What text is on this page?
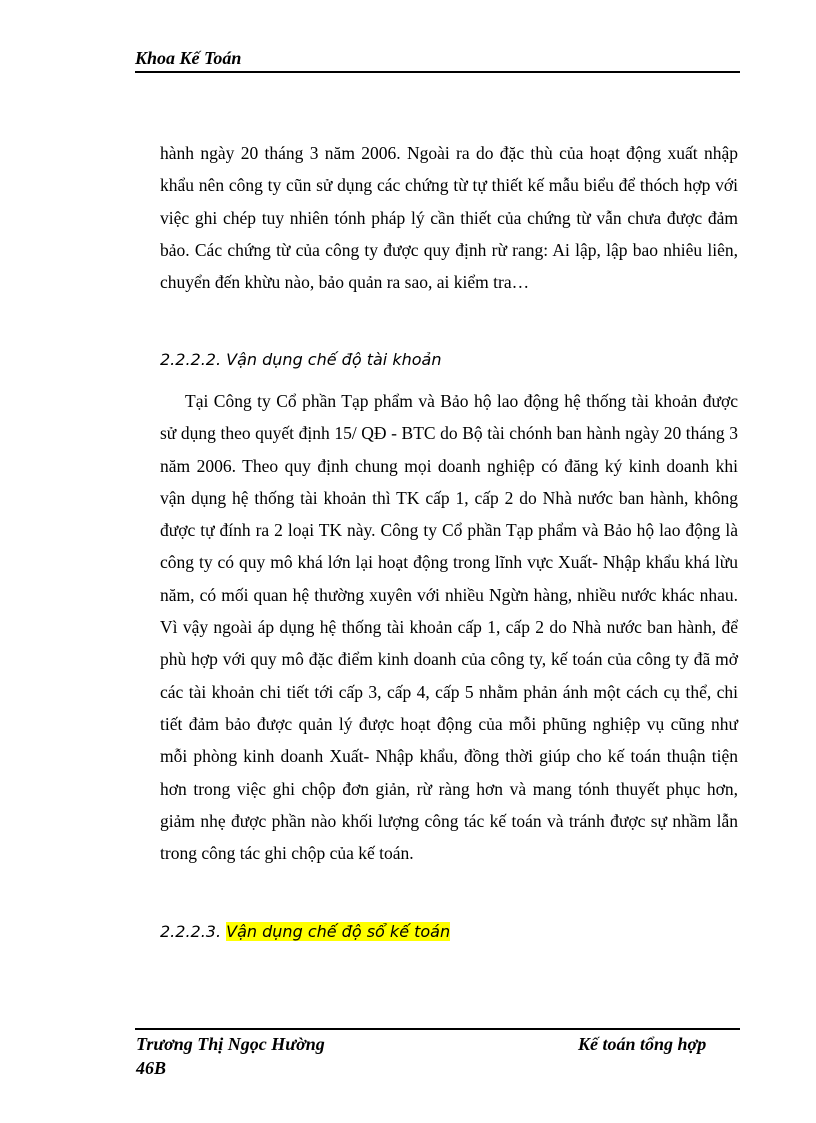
Khoa Kế Toán
hành ngày 20 tháng 3 năm 2006. Ngoài ra do đặc thù của hoạt động xuất nhập khẩu nên công ty cũn sử dụng các chứng từ tự thiết kế mẫu biểu để thóch hợp với việc ghi chép tuy nhiên tónh pháp lý cần thiết của chứng từ vẫn chưa được đảm bảo. Các chứng từ của công ty được quy định rừ rang: Ai lập, lập bao nhiêu liên, chuyển đến khừu nào, bảo quản ra sao, ai kiểm tra…
2.2.2.2. Vận dụng chế độ tài khoản
Tại Công ty Cổ phần Tạp phẩm và Bảo hộ lao động hệ thống tài khoản được sử dụng theo quyết định 15/ QĐ - BTC do Bộ tài chónh ban hành ngày 20 tháng 3 năm 2006. Theo quy định chung mọi doanh nghiệp có đăng ký kinh doanh khi vận dụng hệ thống tài khoản thì TK cấp 1, cấp 2 do Nhà nước ban hành, không được tự đính ra 2 loại TK này. Công ty Cổ phần Tạp phẩm và Bảo hộ lao động là công ty có quy mô khá lớn lại hoạt động trong lĩnh vực Xuất- Nhập khẩu khá lừu năm, có mối quan hệ thường xuyên với nhiều Ngừn hàng, nhiều nước khác nhau. Vì vậy ngoài áp dụng hệ thống tài khoản cấp 1, cấp 2 do Nhà nước ban hành, để phù hợp với quy mô đặc điểm kinh doanh của công ty, kế toán của công ty đã mở các tài khoản chi tiết tới cấp 3, cấp 4, cấp 5 nhằm phản ánh một cách cụ thể, chi tiết đảm bảo được quản lý được hoạt động của mỗi phũng nghiệp vụ cũng như mỗi phòng kinh doanh Xuất- Nhập khẩu, đồng thời giúp cho kế toán thuận tiện hơn trong việc ghi chộp đơn giản, rừ ràng hơn và mang tónh thuyết phục hơn, giảm nhẹ được phần nào khối lượng công tác kế toán và tránh được sự nhầm lẫn trong công tác ghi chộp của kế toán.
2.2.2.3. Vận dụng chế độ sổ kế toán
Trương Thị Ngọc Hường	Kế toán tổng hợp
46B
